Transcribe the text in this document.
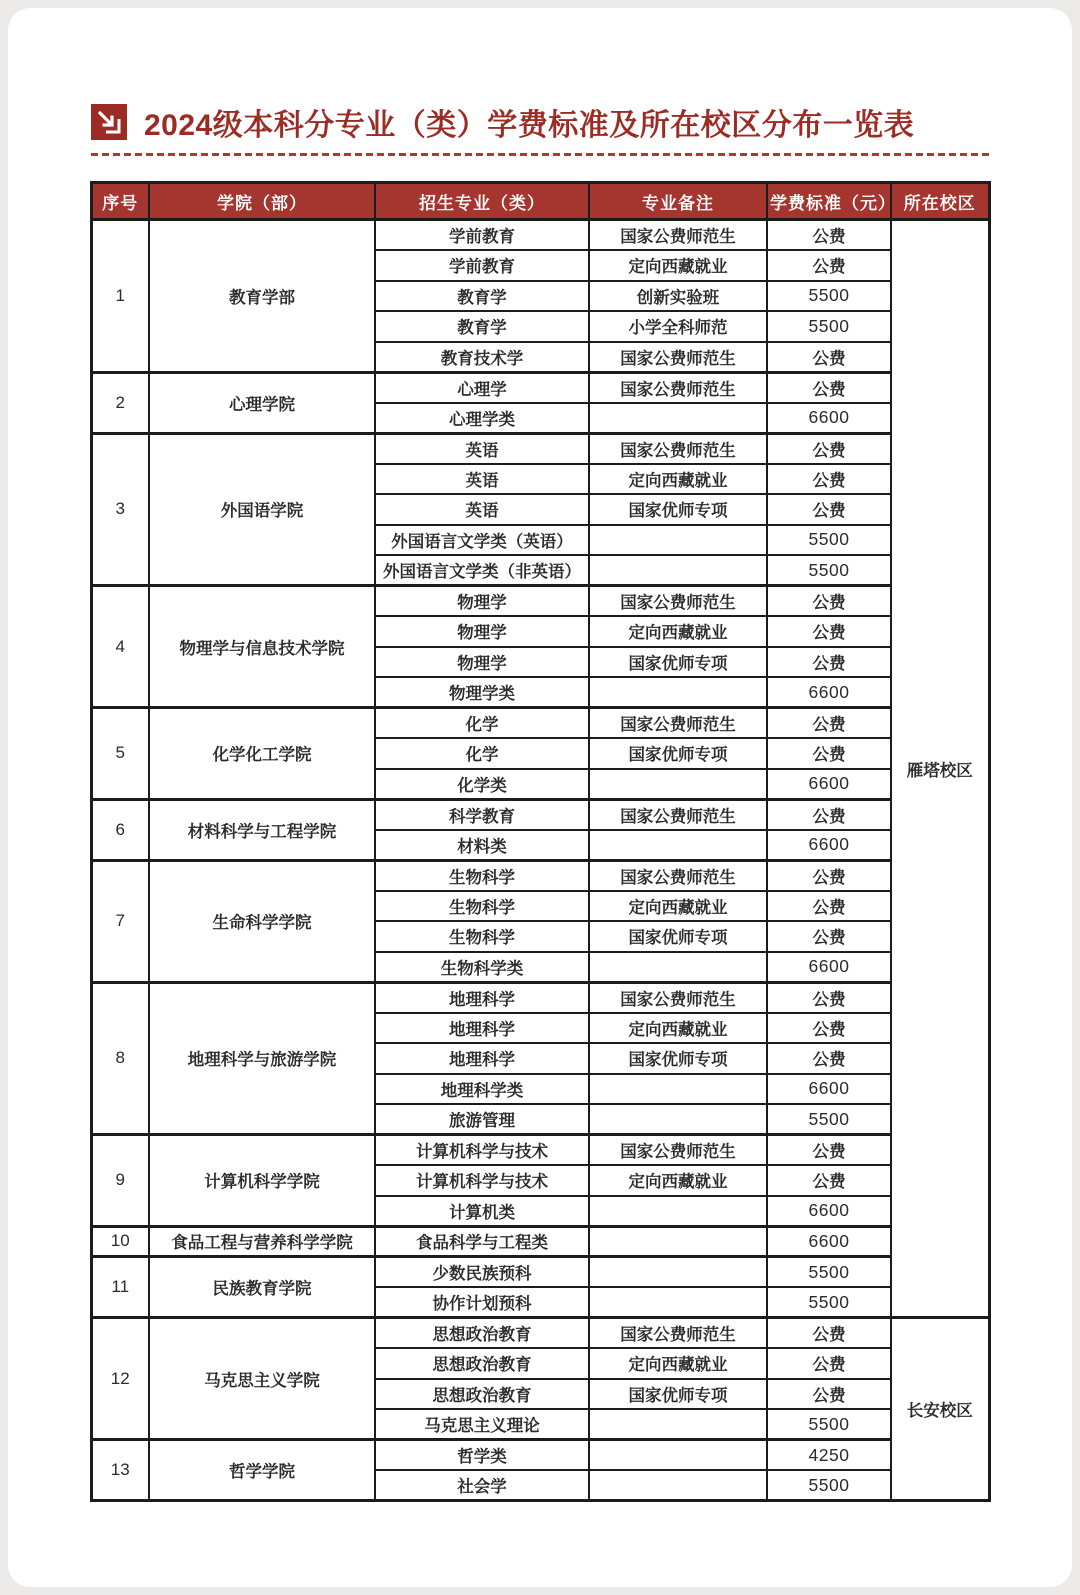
2024级本科分专业（类）学费标准及所在校区分布一览表
序号	学院（部）	招生专业（类）	专业备注	学费标准（元）	所在校区
1	教育学部	学前教育	国家公费师范生	公费	雁塔校区
		学前教育	定向西藏就业	公费	
		教育学	创新实验班	5500	
		教育学	小学全科师范	5500	
		教育技术学	国家公费师范生	公费	
2	心理学院	心理学	国家公费师范生	公费	
		心理学类		6600	
3	外国语学院	英语	国家公费师范生	公费	
		英语	定向西藏就业	公费	
		英语	国家优师专项	公费	
		外国语言文学类（英语）		5500	
		外国语言文学类（非英语）		5500	
4	物理学与信息技术学院	物理学	国家公费师范生	公费	
		物理学	定向西藏就业	公费	
		物理学	国家优师专项	公费	
		物理学类		6600	
5	化学化工学院	化学	国家公费师范生	公费	
		化学	国家优师专项	公费	
		化学类		6600	
6	材料科学与工程学院	科学教育	国家公费师范生	公费	
		材料类		6600	
7	生命科学学院	生物科学	国家公费师范生	公费	
		生物科学	定向西藏就业	公费	
		生物科学	国家优师专项	公费	
		生物科学类		6600	
8	地理科学与旅游学院	地理科学	国家公费师范生	公费	
		地理科学	定向西藏就业	公费	
		地理科学	国家优师专项	公费	
		地理科学类		6600	
		旅游管理		5500	
9	计算机科学学院	计算机科学与技术	国家公费师范生	公费	
		计算机科学与技术	定向西藏就业	公费	
		计算机类		6600	
10	食品工程与营养科学学院	食品科学与工程类		6600	
11	民族教育学院	少数民族预科		5500	
		协作计划预科		5500	
12	马克思主义学院	思想政治教育	国家公费师范生	公费	长安校区
		思想政治教育	定向西藏就业	公费	
		思想政治教育	国家优师专项	公费	
		马克思主义理论		5500	
13	哲学学院	哲学类		4250	
		社会学		5500	
